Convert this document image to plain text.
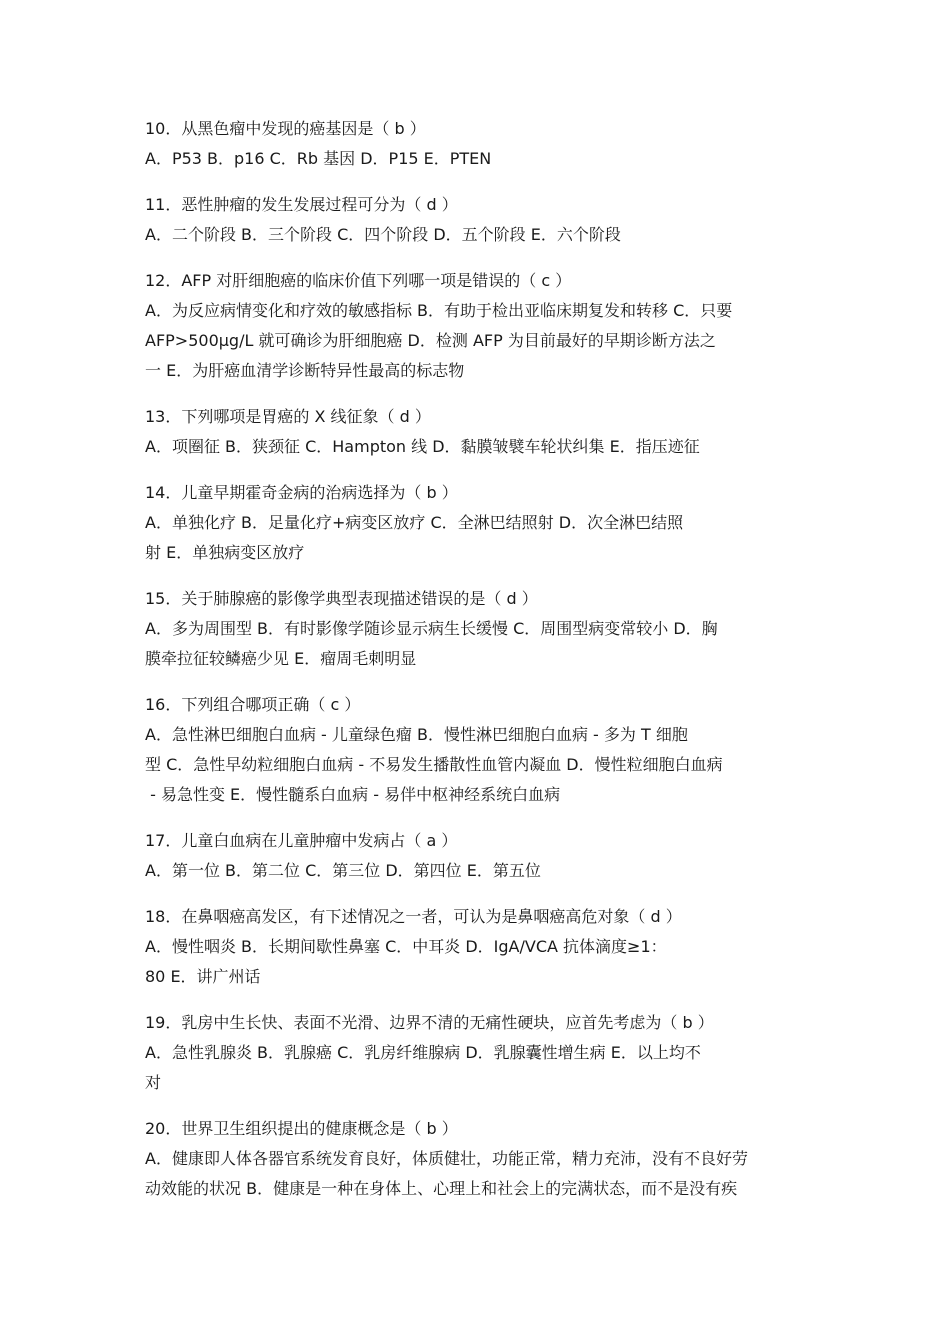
10．从黑色瘤中发现的癌基因是（ b ）
A．P53 B．p16 C．Rb 基因 D．P15 E．PTEN
11．恶性肿瘤的发生发展过程可分为（ d ）
A．二个阶段 B．三个阶段 C．四个阶段 D．五个阶段 E．六个阶段
12．AFP 对肝细胞癌的临床价值下列哪一项是错误的（ c ）
A．为反应病情变化和疗效的敏感指标 B．有助于检出亚临床期复发和转移 C．只要
AFP>500μg/L 就可确诊为肝细胞癌 D．检测 AFP 为目前最好的早期诊断方法之
一 E．为肝癌血清学诊断特异性最高的标志物
13．下列哪项是胃癌的 X 线征象（ d ）
A．项圈征 B．狭颈征 C．Hampton 线 D．黏膜皱襞车轮状纠集 E．指压迹征
14．儿童早期霍奇金病的治病选择为（ b ）
A．单独化疗 B．足量化疗+病变区放疗 C．全淋巴结照射 D．次全淋巴结照
射 E．单独病变区放疗
15．关于肺腺癌的影像学典型表现描述错误的是（ d ）
A．多为周围型 B．有时影像学随诊显示病生长缓慢 C．周围型病变常较小 D．胸
膜牵拉征较鳞癌少见 E．瘤周毛刺明显
16．下列组合哪项正确（ c ）
A．急性淋巴细胞白血病 - 儿童绿色瘤 B．慢性淋巴细胞白血病 - 多为 T 细胞
型 C．急性早幼粒细胞白血病 - 不易发生播散性血管内凝血 D．慢性粒细胞白血病
- 易急性变 E．慢性髓系白血病 - 易伴中枢神经系统白血病
17．儿童白血病在儿童肿瘤中发病占（ a ）
A．第一位 B．第二位 C．第三位 D．第四位 E．第五位
18．在鼻咽癌高发区，有下述情况之一者，可认为是鼻咽癌高危对象（ d ）
A．慢性咽炎 B．长期间歇性鼻塞 C．中耳炎 D．IgA/VCA 抗体滴度≥1：
80 E．讲广州话
19．乳房中生长快、表面不光滑、边界不清的无痛性硬块，应首先考虑为（ b ）
A．急性乳腺炎 B．乳腺癌 C．乳房纤维腺病 D．乳腺囊性增生病 E．以上均不
对
20．世界卫生组织提出的健康概念是（ b ）
A．健康即人体各器官系统发育良好，体质健壮，功能正常，精力充沛，没有不良好劳
动效能的状况 B．健康是一种在身体上、心理上和社会上的完满状态，而不是没有疾
